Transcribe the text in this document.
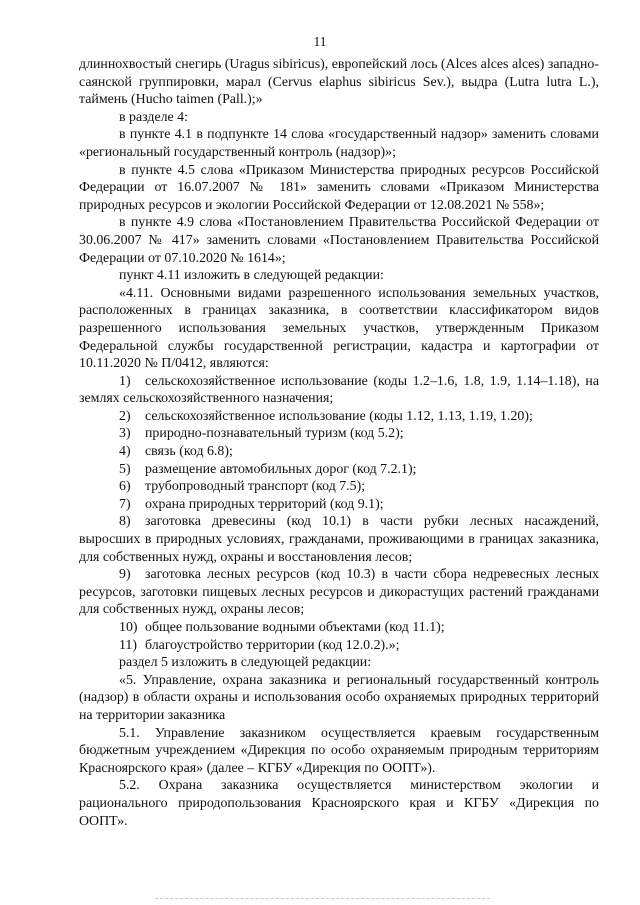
11

длиннохвостый снегирь (Uragus sibiricus), европейский лось (Alces alces alces) западно-саянской группировки, марал (Cervus elaphus sibiricus Sev.), выдра (Lutra lutra L.), таймень (Hucho taimen (Pall.);»

в разделе 4:

в пункте 4.1 в подпункте 14 слова «государственный надзор» заменить словами «региональный государственный контроль (надзор)»;

в пункте 4.5 слова «Приказом Министерства природных ресурсов Российской Федерации от 16.07.2007 № 181» заменить словами «Приказом Министерства природных ресурсов и экологии Российской Федерации от 12.08.2021 № 558»;

в пункте 4.9 слова «Постановлением Правительства Российской Федерации от 30.06.2007 № 417» заменить словами «Постановлением Правительства Российской Федерации от 07.10.2020 № 1614»;

пункт 4.11 изложить в следующей редакции:

«4.11. Основными видами разрешенного использования земельных участков, расположенных в границах заказника, в соответствии классификатором видов разрешенного использования земельных участков, утвержденным Приказом Федеральной службы государственной регистрации, кадастра и картографии от 10.11.2020 № П/0412, являются:

1) сельскохозяйственное использование (коды 1.2–1.6, 1.8, 1.9, 1.14–1.18), на землях сельскохозяйственного назначения;

2) сельскохозяйственное использование (коды 1.12, 1.13, 1.19, 1.20);

3) природно-познавательный туризм (код 5.2);

4) связь (код 6.8);

5) размещение автомобильных дорог (код 7.2.1);

6) трубопроводный транспорт (код 7.5);

7) охрана природных территорий (код 9.1);

8) заготовка древесины (код 10.1) в части рубки лесных насаждений, выросших в природных условиях, гражданами, проживающими в границах заказника, для собственных нужд, охраны и восстановления лесов;

9) заготовка лесных ресурсов (код 10.3) в части сбора недревесных лесных ресурсов, заготовки пищевых лесных ресурсов и дикорастущих растений гражданами для собственных нужд, охраны лесов;

10) общее пользование водными объектами (код 11.1);

11) благоустройство территории (код 12.0.2).»;

раздел 5 изложить в следующей редакции:

«5. Управление, охрана заказника и региональный государственный контроль (надзор) в области охраны и использования особо охраняемых природных территорий на территории заказника

5.1. Управление заказником осуществляется краевым государственным бюджетным учреждением «Дирекция по особо охраняемым природным территориям Красноярского края» (далее – КГБУ «Дирекция по ООПТ»).

5.2. Охрана заказника осуществляется министерством экологии и рационального природопользования Красноярского края и КГБУ «Дирекция по ООПТ».
